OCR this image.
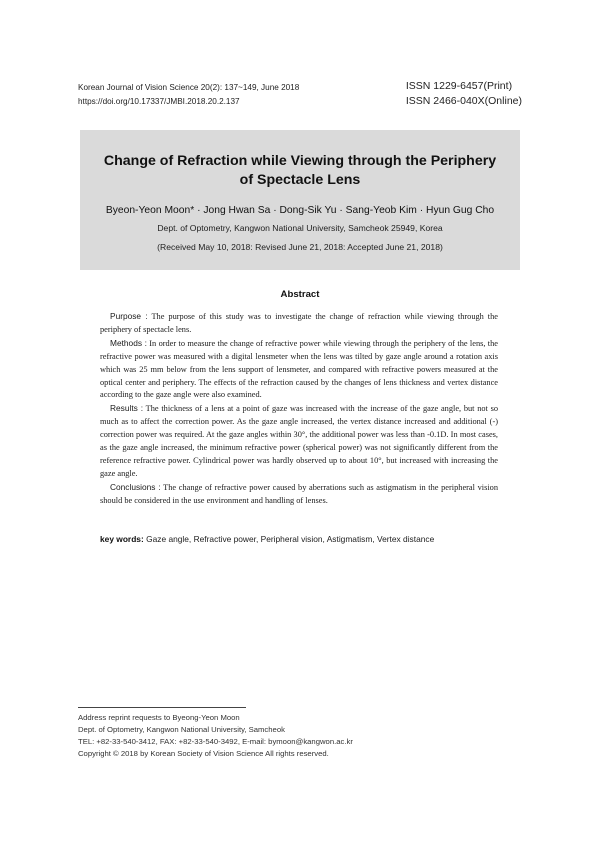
Korean Journal of Vision Science 20(2): 137~149, June 2018
https://doi.org/10.17337/JMBI.2018.20.2.137
ISSN 1229-6457(Print)
ISSN 2466-040X(Online)
Change of Refraction while Viewing through the Periphery
of Spectacle Lens
Byeon-Yeon Moon* · Jong Hwan Sa · Dong-Sik Yu · Sang-Yeob Kim · Hyun Gug Cho
Dept. of Optometry, Kangwon National University, Samcheok 25949, Korea
(Received May 10, 2018: Revised June 21, 2018: Accepted June 21, 2018)
Abstract

Purpose : The purpose of this study was to investigate the change of refraction while viewing through the periphery of spectacle lens.

Methods : In order to measure the change of refractive power while viewing through the periphery of the lens, the refractive power was measured with a digital lensmeter when the lens was tilted by gaze angle around a rotation axis which was 25 mm below from the lens support of lensmeter, and compared with refractive powers measured at the optical center and periphery. The effects of the refraction caused by the changes of lens thickness and vertex distance according to the gaze angle were also examined.

Results : The thickness of a lens at a point of gaze was increased with the increase of the gaze angle, but not so much as to affect the correction power. As the gaze angle increased, the vertex distance increased and additional (-) correction power was required. At the gaze angles within 30°, the additional power was less than -0.1D. In most cases, as the gaze angle increased, the minimum refractive power (spherical power) was not significantly different from the reference refractive power. Cylindrical power was hardly observed up to about 10°, but increased with increasing the gaze angle.

Conclusions : The change of refractive power caused by aberrations such as astigmatism in the peripheral vision should be considered in the use environment and handling of lenses.

key words: Gaze angle, Refractive power, Peripheral vision, Astigmatism, Vertex distance
Address reprint requests to Byeong-Yeon Moon
Dept. of Optometry, Kangwon National University, Samcheok
TEL: +82-33-540-3412, FAX: +82-33-540-3492, E-mail: bymoon@kangwon.ac.kr
Copyright © 2018 by Korean Society of Vision Science All rights reserved.
